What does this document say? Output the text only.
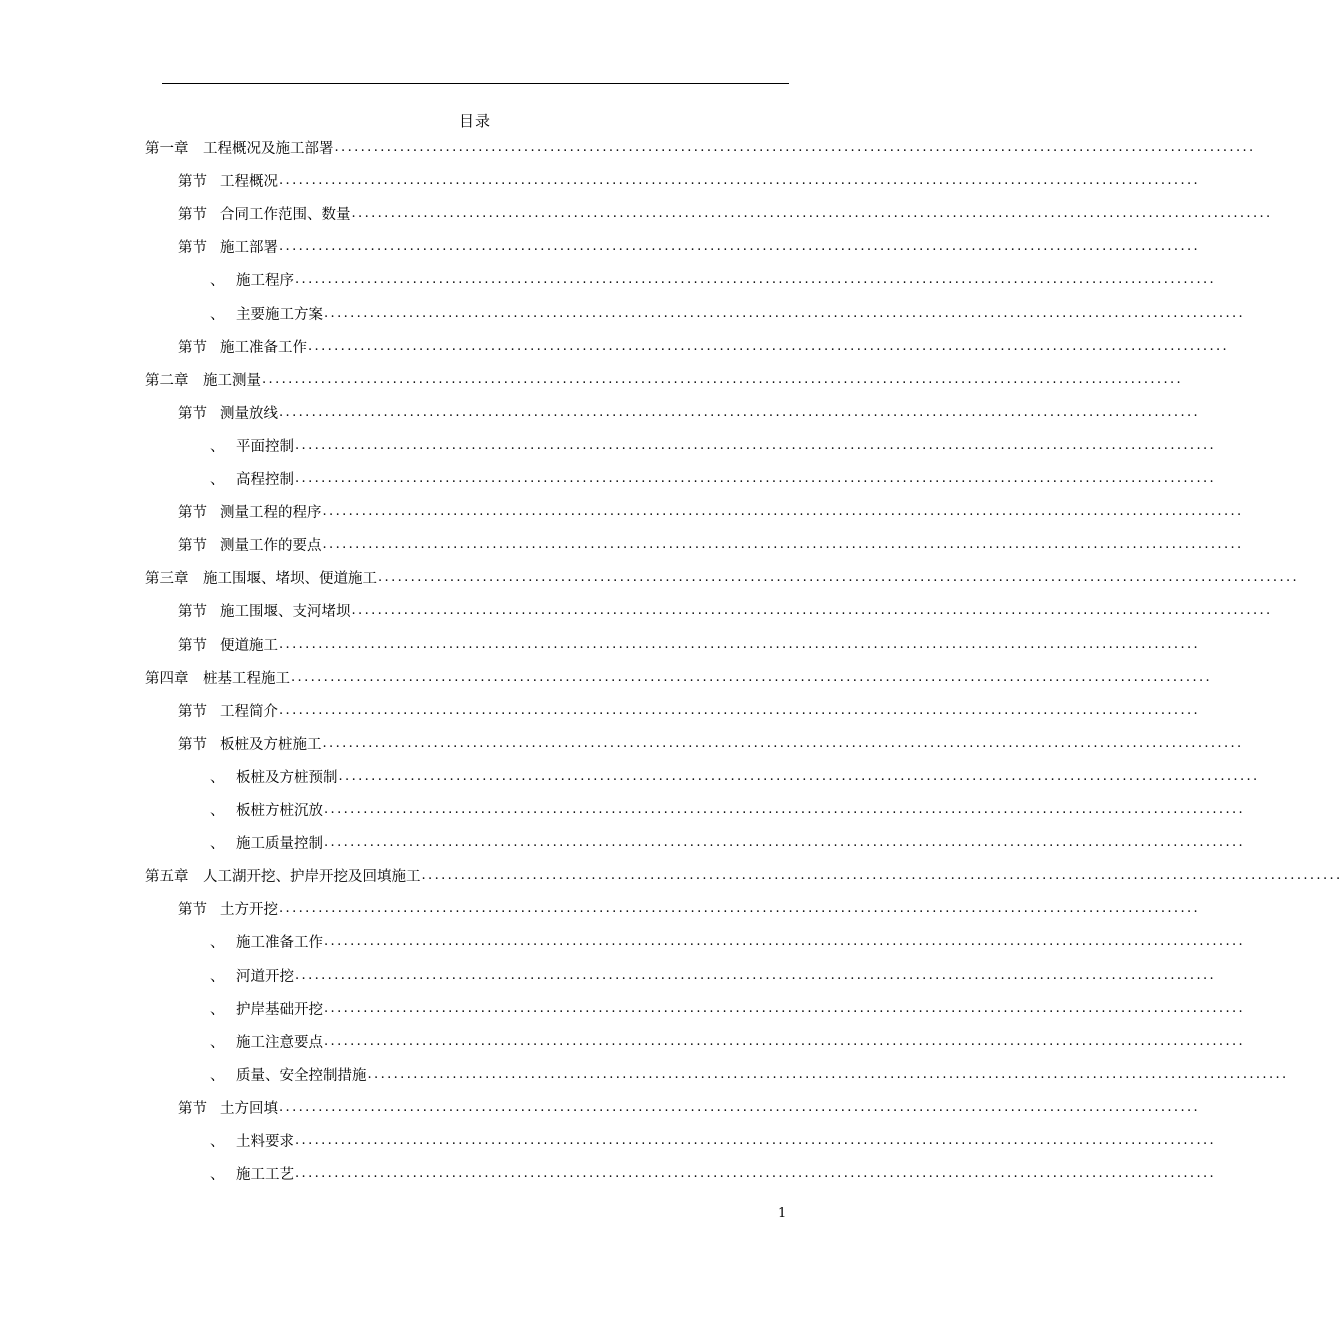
目录
第一章	工程概况及施工部署 .............................................................................................................................................
第节 工程概况 .............................................................................................................................................
第节 合同工作范围、数量 .............................................................................................................................................
第节 施工部署 .............................................................................................................................................
、 施工程序 .............................................................................................................................................
、 主要施工方案 .............................................................................................................................................
第节 施工准备工作 .............................................................................................................................................
第二章	施工测量 .............................................................................................................................................
第节 测量放线 .............................................................................................................................................
、 平面控制 .............................................................................................................................................
、 高程控制 .............................................................................................................................................
第节 测量工程的程序 .............................................................................................................................................
第节 测量工作的要点 .............................................................................................................................................
第三章	施工围堰、堵坝、便道施工 .............................................................................................................................................
第节 施工围堰、支河堵坝 .............................................................................................................................................
第节 便道施工 .............................................................................................................................................
第四章	桩基工程施工 .............................................................................................................................................
第节 工程简介 .............................................................................................................................................
第节 板桩及方桩施工 .............................................................................................................................................
、 板桩及方桩预制 .............................................................................................................................................
、 板桩方桩沉放 .............................................................................................................................................
、 施工质量控制 .............................................................................................................................................
第五章	人工湖开挖、护岸开挖及回填施工 .............................................................................................................................................
第节 土方开挖 .............................................................................................................................................
、 施工准备工作 .............................................................................................................................................
、 河道开挖 .............................................................................................................................................
、 护岸基础开挖 .............................................................................................................................................
、 施工注意要点 .............................................................................................................................................
、 质量、安全控制措施 .............................................................................................................................................
第节 土方回填 .............................................................................................................................................
、 土料要求 .............................................................................................................................................
、 施工工艺 .............................................................................................................................................
1
